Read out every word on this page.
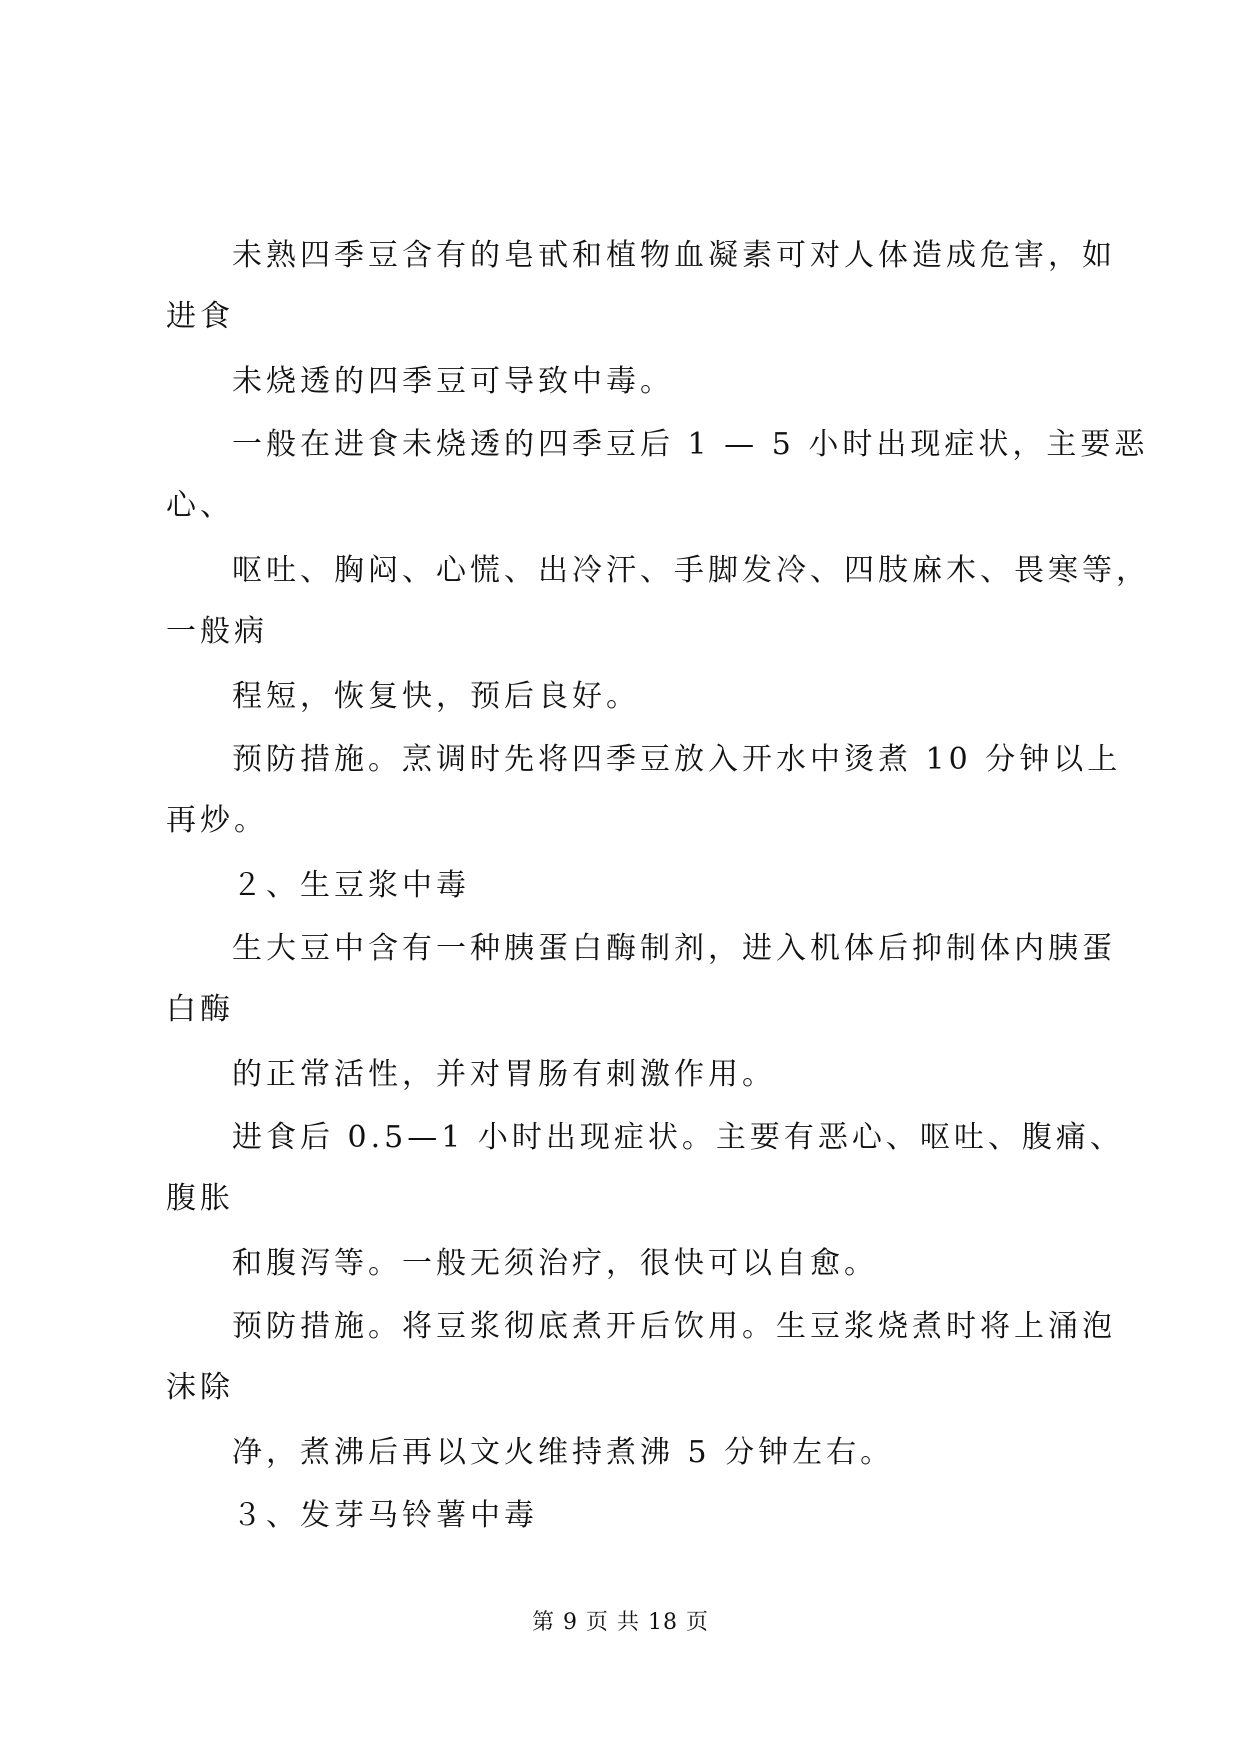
未熟四季豆含有的皂甙和植物血凝素可对人体造成危害，如
进食
未烧透的四季豆可导致中毒。
一般在进食未烧透的四季豆后 1 — 5 小时出现症状，主要恶
心、
呕吐、胸闷、心慌、出冷汗、手脚发冷、四肢麻木、畏寒等，
一般病
程短，恢复快，预后良好。
预防措施。烹调时先将四季豆放入开水中烫煮 10 分钟以上
再炒。
２、生豆浆中毒
生大豆中含有一种胰蛋白酶制剂，进入机体后抑制体内胰蛋
白酶
的正常活性，并对胃肠有刺激作用。
进食后 0.5—1 小时出现症状。主要有恶心、呕吐、腹痛、
腹胀
和腹泻等。一般无须治疗，很快可以自愈。
预防措施。将豆浆彻底煮开后饮用。生豆浆烧煮时将上涌泡
沫除
净，煮沸后再以文火维持煮沸 5 分钟左右。
３、发芽马铃薯中毒
第 9 页 共 18 页
